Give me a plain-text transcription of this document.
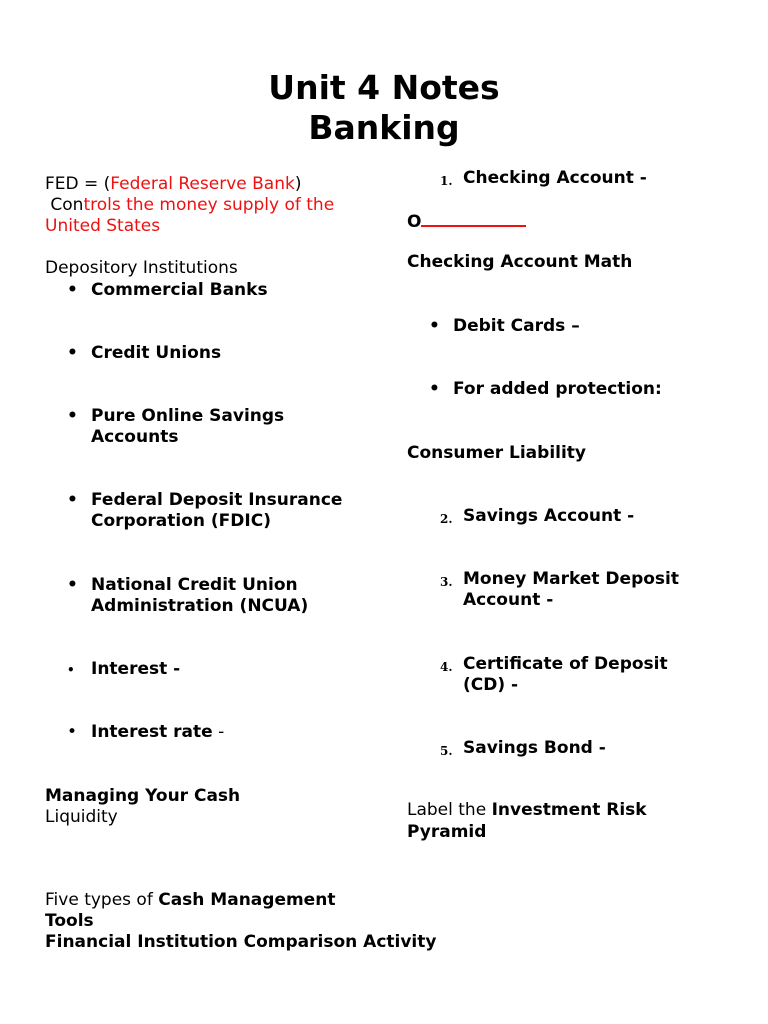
Unit 4 Notes
Banking
FED = (Federal Reserve Bank)
Controls the money supply of the
United States
Depository Institutions
•
Commercial Banks
•
Credit Unions
•
Pure Online Savings
Accounts
•
Federal Deposit Insurance
Corporation (FDIC)
•
National Credit Union
Administration (NCUA)
•
Interest -
•
Interest rate -
Managing Your Cash
Liquidity
Five types of Cash Management
Tools
Financial Institution Comparison Activity
1. Checking Account -
O
Checking Account Math
•
Debit Cards –
•
For added protection:
Consumer Liability
2. Savings Account -
3. Money Market Deposit
Account -
4. Certificate of Deposit
(CD) -
5. Savings Bond -
Label the Investment Risk
Pyramid
